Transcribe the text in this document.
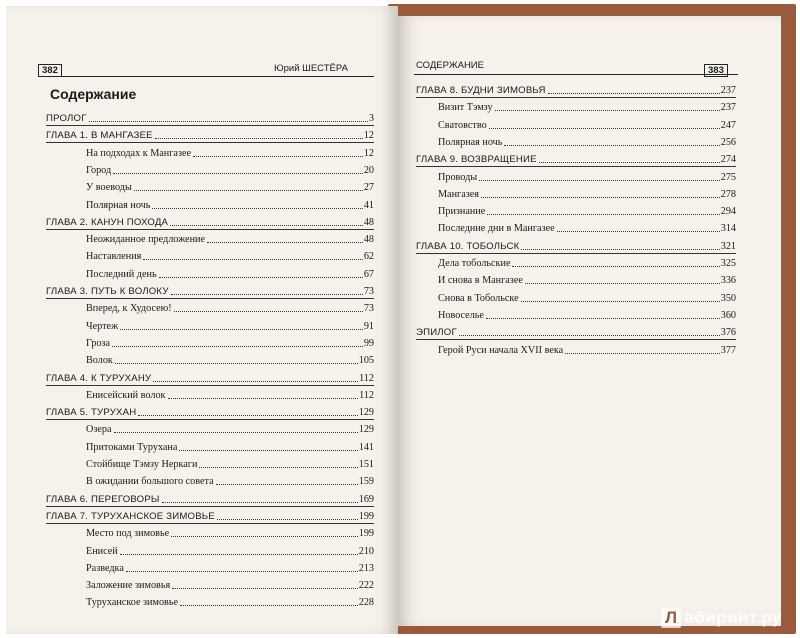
382	Юрий ШЕСТЁРА
Содержание
ПРОЛОГ	3
ГЛАВА 1. В МАНГАЗЕЕ	12
На подходах к Мангазее	12
Город	20
У воеводы	27
Полярная ночь	41
ГЛАВА 2. КАНУН ПОХОДА	48
Неожиданное предложение	48
Наставления	62
Последний день	67
ГЛАВА 3. ПУТЬ К ВОЛОКУ	73
Вперед, к Худосею!	73
Чертеж	91
Гроза	99
Волок	105
ГЛАВА 4. К ТУРУХАНУ	112
Енисейский волок	112
ГЛАВА 5. ТУРУХАН	129
Озера	129
Притоками Турухана	141
Стойбище Тэмзу Неркаги	151
В ожидании большого совета	159
ГЛАВА 6. ПЕРЕГОВОРЫ	169
ГЛАВА 7. ТУРУХАНСКОЕ ЗИМОВЬЕ	199
Место под зимовье	199
Енисей	210
Разведка	213
Заложение зимовья	222
Туруханское зимовье	228
СОДЕРЖАНИЕ	383
ГЛАВА 8. БУДНИ ЗИМОВЬЯ	237
Визит Тэмзу	237
Сватовство	247
Полярная ночь	256
ГЛАВА 9. ВОЗВРАЩЕНИЕ	274
Проводы	275
Мангазея	278
Признание	294
Последние дни в Мангазее	314
ГЛАВА 10. ТОБОЛЬСК	321
Дела тобольские	325
И снова в Мангазее	336
Снова в Тобольске	350
Новоселье	360
ЭПИЛОГ	376
Герой Руси начала XVII века	377
Л абиринт.ру
